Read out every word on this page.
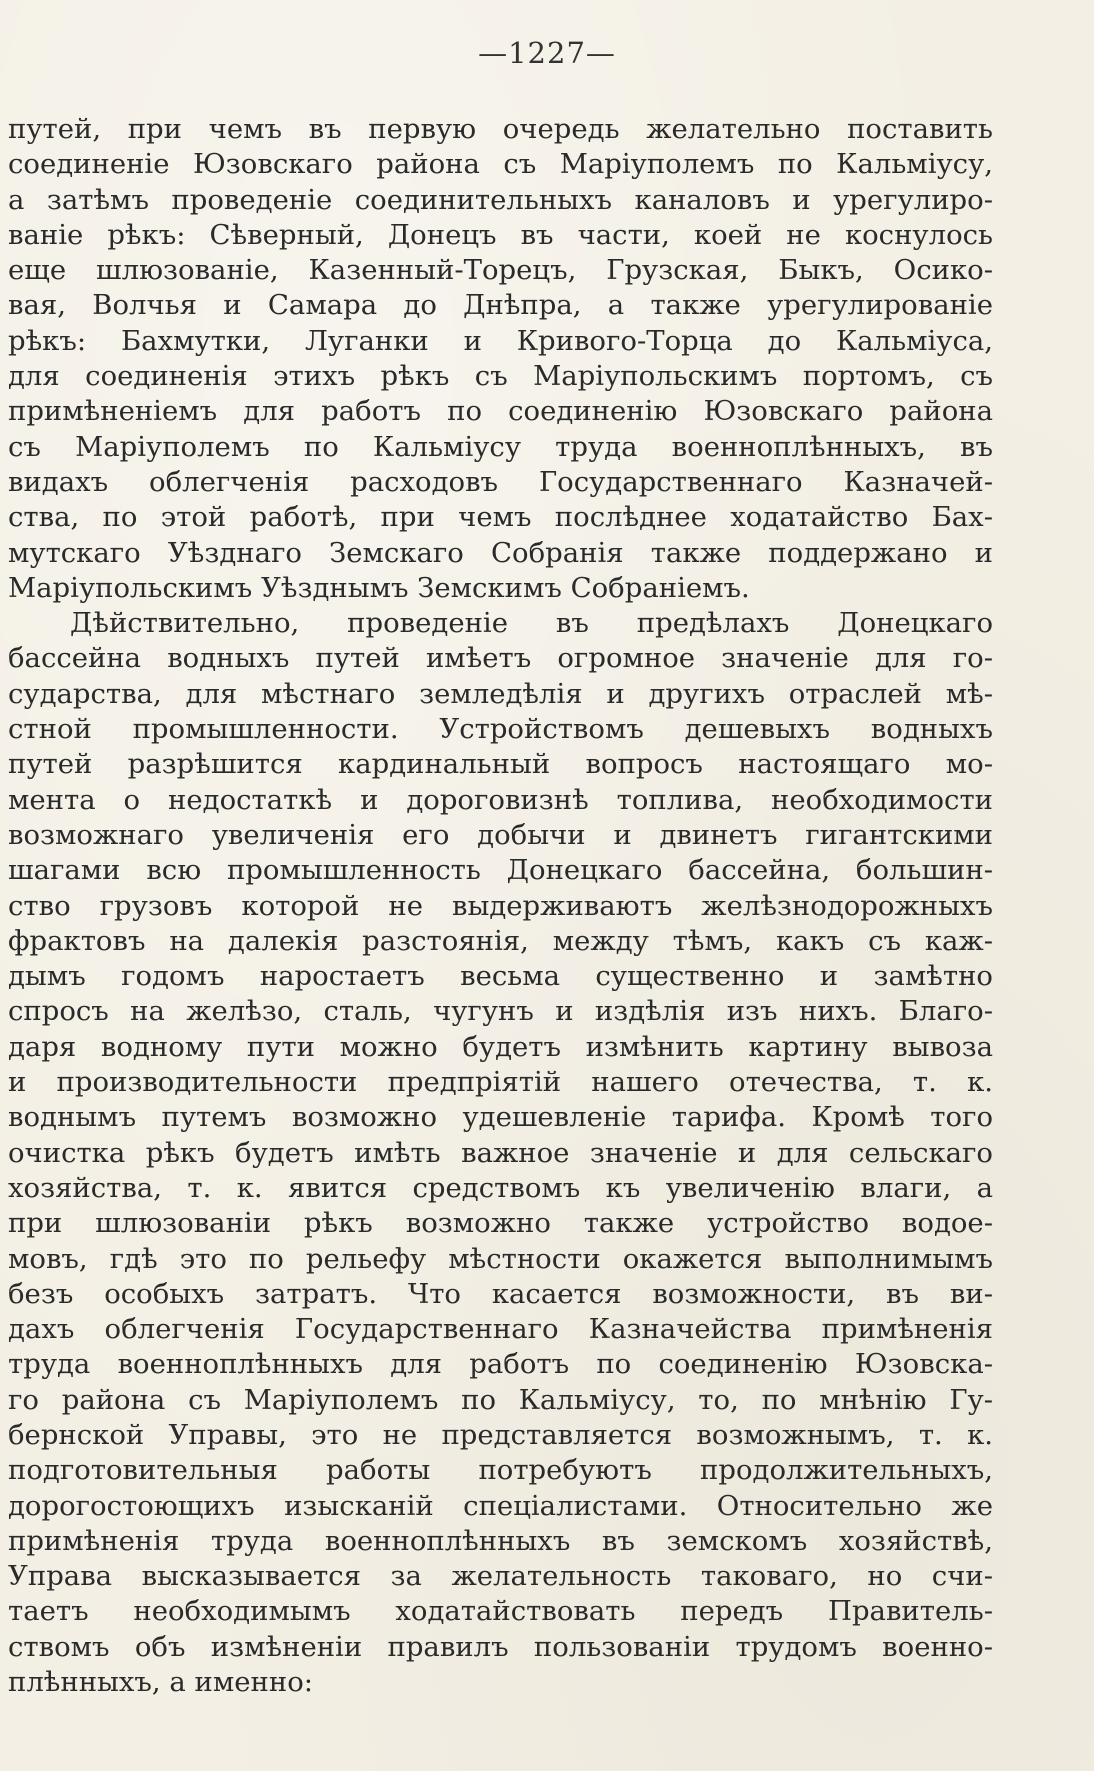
—1227—
путей, при чемъ въ первую очередь желательно поставить
соединеніе Юзовскаго района съ Маріуполемъ по Кальміусу,
а затѣмъ проведеніе соединительныхъ каналовъ и урегулиро-
ваніе рѣкъ: Сѣверный, Донецъ въ части, коей не коснулось
еще шлюзованіе, Казенный-Торецъ, Грузская, Быкъ, Осико-
вая, Волчья и Самара до Днѣпра, а также урегулированіе
рѣкъ: Бахмутки, Луганки и Кривого-Торца до Кальміуса,
для соединенія этихъ рѣкъ съ Маріупольскимъ портомъ, съ
примѣненіемъ для работъ по соединенію Юзовскаго района
съ Маріуполемъ по Кальміусу труда военноплѣнныхъ, въ
видахъ облегченія расходовъ Государственнаго Казначей-
ства, по этой работѣ, при чемъ послѣднее ходатайство Бах-
мутскаго Уѣзднаго Земскаго Собранія также поддержано и
Маріупольскимъ Уѣзднымъ Земскимъ Собраніемъ.
Дѣйствительно, проведеніе въ предѣлахъ Донецкаго
бассейна водныхъ путей имѣетъ огромное значеніе для го-
сударства, для мѣстнаго земледѣлія и другихъ отраслей мѣ-
стной промышленности. Устройствомъ дешевыхъ водныхъ
путей разрѣшится кардинальный вопросъ настоящаго мо-
мента о недостаткѣ и дороговизнѣ топлива, необходимости
возможнаго увеличенія его добычи и двинетъ гигантскими
шагами всю промышленность Донецкаго бассейна, большин-
ство грузовъ которой не выдерживаютъ желѣзнодорожныхъ
фрактовъ на далекія разстоянія, между тѣмъ, какъ съ каж-
дымъ годомъ наростаетъ весьма существенно и замѣтно
спросъ на желѣзо, сталь, чугунъ и издѣлія изъ нихъ. Благо-
даря водному пути можно будетъ измѣнить картину вывоза
и производительности предпріятій нашего отечества, т. к.
воднымъ путемъ возможно удешевленіе тарифа. Кромѣ того
очистка рѣкъ будетъ имѣть важное значеніе и для сельскаго
хозяйства, т. к. явится средствомъ къ увеличенію влаги, а
при шлюзованіи рѣкъ возможно также устройство водое-
мовъ, гдѣ это по рельефу мѣстности окажется выполнимымъ
безъ особыхъ затратъ. Что касается возможности, въ ви-
дахъ облегченія Государственнаго Казначейства примѣненія
труда военноплѣнныхъ для работъ по соединенію Юзовска-
го района съ Маріуполемъ по Кальміусу, то, по мнѣнію Гу-
бернской Управы, это не представляется возможнымъ, т. к.
подготовительныя работы потребуютъ продолжительныхъ,
дорогостоющихъ изысканій спеціалистами. Относительно же
примѣненія труда военноплѣнныхъ въ земскомъ хозяйствѣ,
Управа высказывается за желательность таковаго, но счи-
таетъ необходимымъ ходатайствовать передъ Правитель-
ствомъ объ измѣненіи правилъ пользованіи трудомъ военно-
плѣнныхъ, а именно:
